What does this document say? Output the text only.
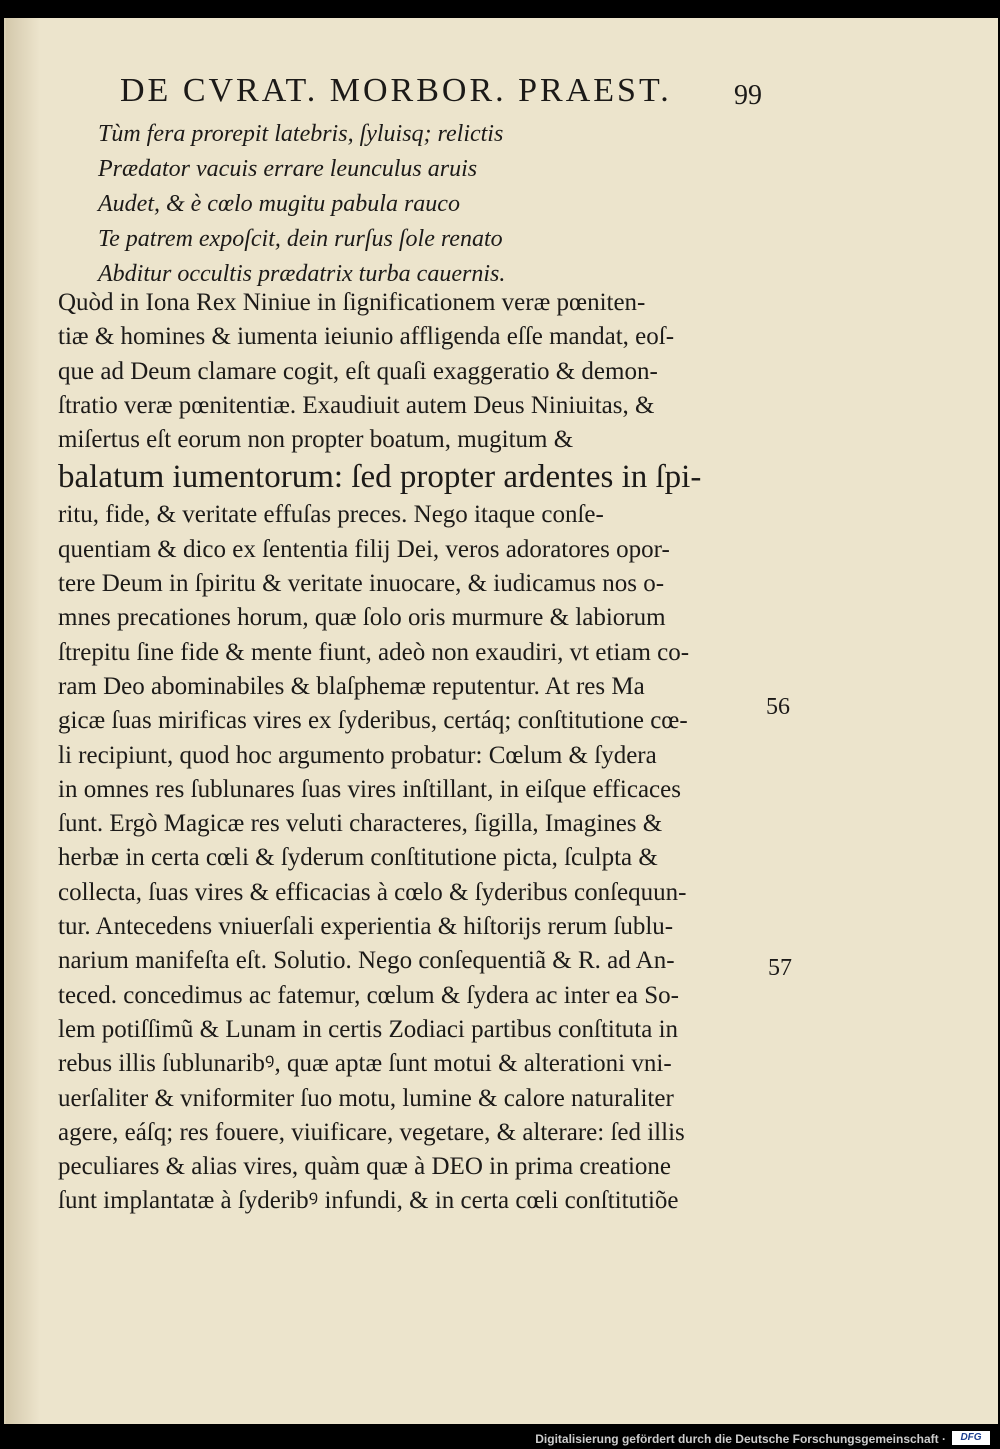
DE CVRAT. MORBOR. PRAEST. 99
Tùm fera prorepit latebris, ſyluisq; relictis
Prædator vacuis errare leunculus aruis
Audet, & è cœlo mugitu pabula rauco
Te patrem expoſcit, dein rurſus ſole renato
Abditur occultis prædatrix turba cauernis.
Quòd in Iona Rex Niniue in ſignificationem veræ pœniten-
tiæ & homines & iumenta ieiunio affligenda eſſe mandat, eoſ-
que ad Deum clamare cogit, eſt quaſi exaggeratio & demon-
ſtratio veræ pœnitentiæ. Exaudiuit autem Deus Niniuitas, &
miſertus eſt eorum non propter boatum, mugitum &
balatum iumentorum: ſed propter ardentes in ſpi-
ritu, fide, & veritate effuſas preces. Nego itaque conſe-
quentiam & dico ex ſententia filij Dei, veros adoratores opor-
tere Deum in ſpiritu & veritate inuocare, & iudicamus nos o-
mnes precationes horum, quæ ſolo oris murmure & labiorum
ſtrepitu ſine fide & mente fiunt, adeò non exaudiri, vt etiam co-
ram Deo abominabiles & blaſphemæ reputentur. At res Ma
gicæ ſuas mirificas vires ex ſyderibus, certáq; conſtitutione cœ-
li recipiunt, quod hoc argumento probatur: Cœlum & ſydera
in omnes res ſublunares ſuas vires inſtillant, in eiſque efficaces
ſunt. Ergò Magicæ res veluti characteres, ſigilla, Imagines &
herbæ in certa cœli & ſyderum conſtitutione picta, ſculpta &
collecta, ſuas vires & efficacias à cœlo & ſyderibus conſequun-
tur. Antecedens vniuerſali experientia & hiſtorijs rerum ſublu-
narium manifeſta eſt. Solutio. Nego conſequentiã & R. ad An-
teced. concedimus ac fatemur, cœlum & ſydera ac inter ea So-
lem potiſſimũ & Lunam in certis Zodiaci partibus conſtituta in
rebus illis ſublunaribꝰ, quæ aptæ ſunt motui & alterationi vni-
uerſaliter & vniformiter ſuo motu, lumine & calore naturaliter
agere, eáſq; res fouere, viuificare, vegetare, & alterare: ſed illis
peculiares & alias vires, quàm quæ à DEO in prima creatione
ſunt implantatæ à ſyderibꝰ infundi, & in certa cœli conſtitutiõe
56
57
Digitalisierung gefördert durch die Deutsche Forschungsgemeinschaft ·	DFG
